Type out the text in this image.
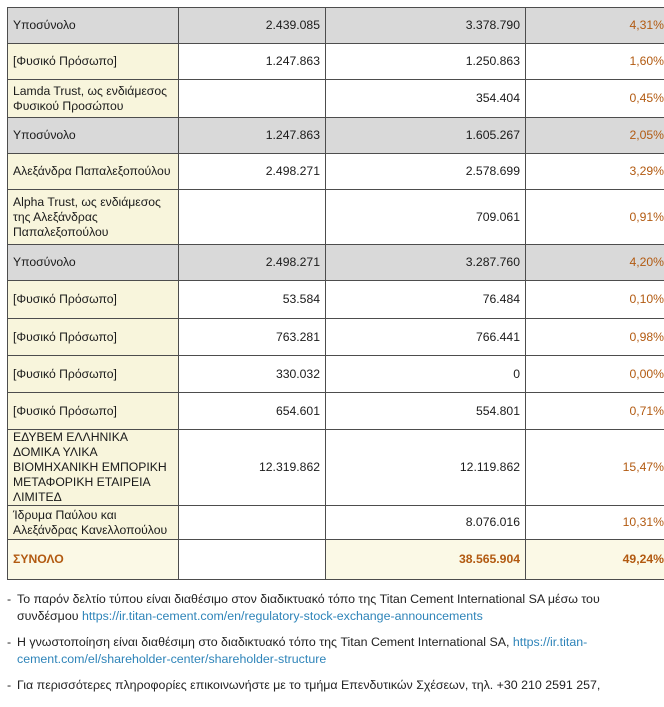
Υποσύνολο	2.439.085	3.378.790	4,31%
[Φυσικό Πρόσωπο]	1.247.863	1.250.863	1,60%
Lamda Trust, ως ενδιάμεσος Φυσικού Προσώπου		354.404	0,45%
Υποσύνολο	1.247.863	1.605.267	2,05%
Αλεξάνδρα Παπαλεξοπούλου	2.498.271	2.578.699	3,29%
Alpha Trust, ως ενδιάμεσος της Αλεξάνδρας Παπαλεξοπούλου		709.061	0,91%
Υποσύνολο	2.498.271	3.287.760	4,20%
[Φυσικό Πρόσωπο]	53.584	76.484	0,10%
[Φυσικό Πρόσωπο]	763.281	766.441	0,98%
[Φυσικό Πρόσωπο]	330.032	0	0,00%
[Φυσικό Πρόσωπο]	654.601	554.801	0,71%
ΕΔΥΒΕΜ ΕΛΛΗΝΙΚΑ ΔΟΜΙΚΑ ΥΛΙΚΑ ΒΙΟΜΗΧΑΝΙΚΗ ΕΜΠΟΡΙΚΗ ΜΕΤΑΦΟΡΙΚΗ ΕΤΑΙΡΕΙΑ ΛΙΜΙΤΕΔ	12.319.862	12.119.862	15,47%
Ίδρυμα Παύλου και Αλεξάνδρας Κανελλοπούλου		8.076.016	10,31%
ΣΥΝΟΛΟ		38.565.904	49,24%
- Το παρόν δελτίο τύπου είναι διαθέσιμο στον διαδικτυακό τόπο της Titan Cement International SA μέσω του συνδέσμου https://ir.titan-cement.com/en/regulatory-stock-exchange-announcements
- Η γνωστοποίηση είναι διαθέσιμη στο διαδικτυακό τόπο της Titan Cement International SA, https://ir.titan-cement.com/el/shareholder-center/shareholder-structure
- Για περισσότερες πληροφορίες επικοινωνήστε με το τμήμα Επενδυτικών Σχέσεων, τηλ. +30 210 2591 257,
